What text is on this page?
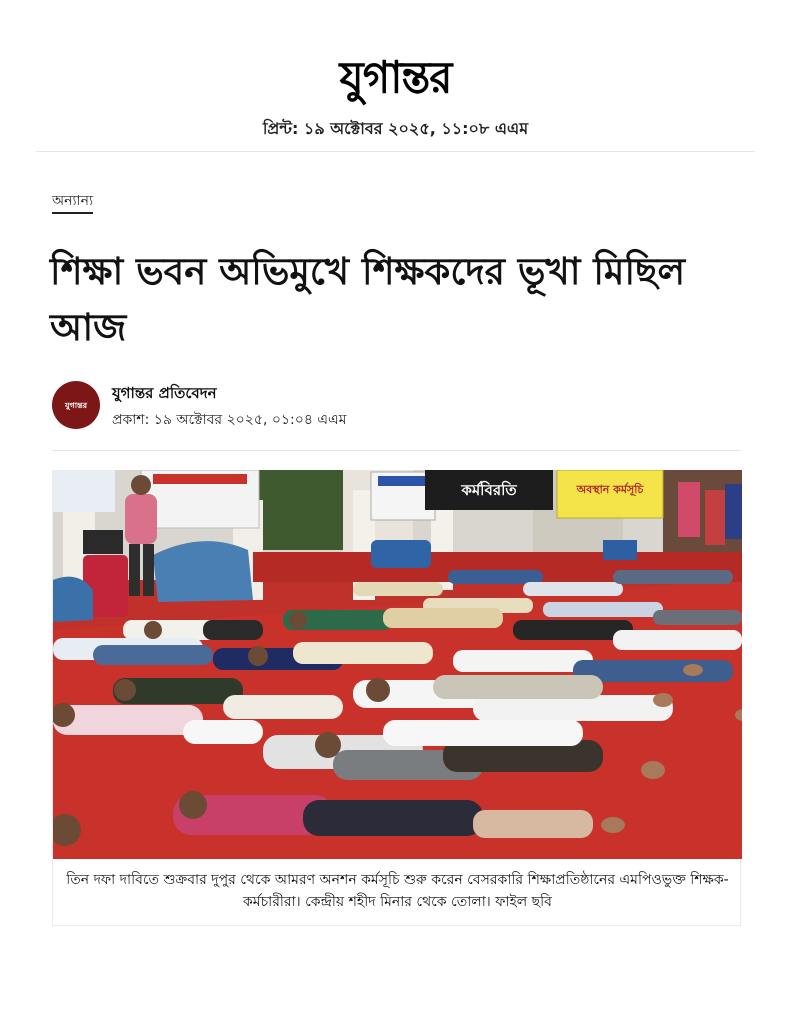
যুগান্তর
প্রিন্ট: ১৯ অক্টোবর ২০২৫, ১১:০৮ এএম
অন্যান্য
শিক্ষা ভবন অভিমুখে শিক্ষকদের ভূখা মিছিল আজ
যুগান্তর
যুগান্তর প্রতিবেদন
প্রকাশ: ১৯ অক্টোবর ২০২৫, ০১:০৪ এএম
কর্মবিরতি	অবস্থান কর্মসূচি
তিন দফা দাবিতে শুক্রবার দুপুর থেকে আমরণ অনশন কর্মসূচি শুরু করেন বেসরকারি শিক্ষাপ্রতিষ্ঠানের এমপিওভুক্ত শিক্ষক-কর্মচারীরা। কেন্দ্রীয় শহীদ মিনার থেকে তোলা। ফাইল ছবি
